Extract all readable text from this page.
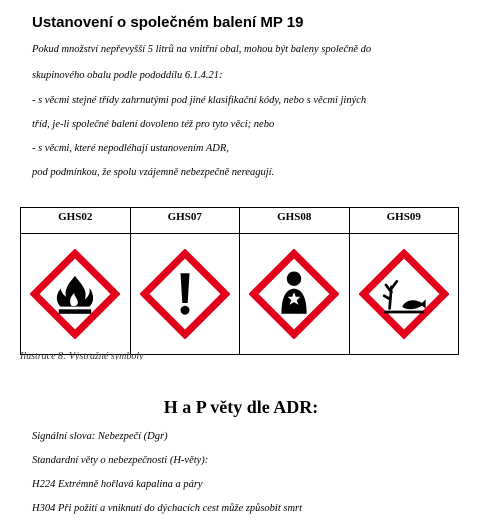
Ustanovení o společném balení MP 19
Pokud množství nepřevyšší 5 litrů na vnitřní obal, mohou být baleny společně do
skupinového obalu podle pododdílu 6.1.4.21:
- s věcmi stejné třídy zahrnutými pod jiné klasifikační kódy, nebo s věcmi jiných
tříd, je-li společné balení dovoleno též pro tyto věci; nebo
- s věcmi, které nepodléhají ustanovením ADR,
pod podmínkou, že spolu vzájemně nebezpečně nereagují.
GHS02	GHS07	GHS08	GHS09

Ilustrace 8: Výstražné symboly
H a P věty dle ADR:
Signální slova: Nebezpečí (Dgr)
Standardní věty o nebezpečnosti (H-věty):
H224 Extrémně hořlavá kapalina a páry
H304 Při požití a vniknutí do dýchacích cest může způsobit smrt
